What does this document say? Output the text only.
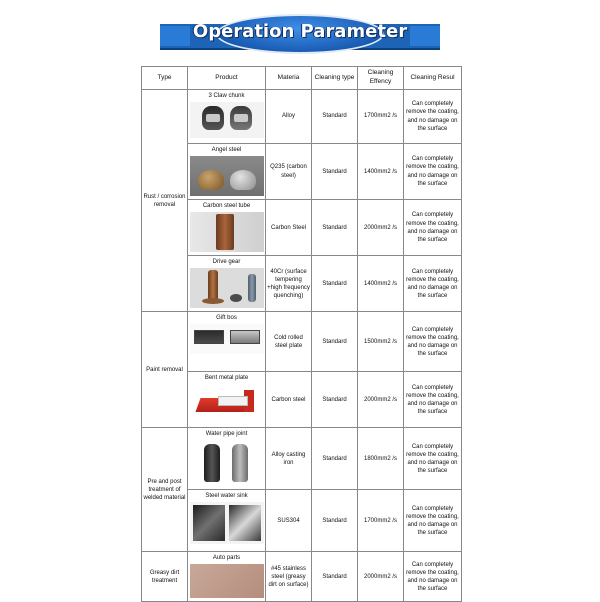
Operation Parameter
Type	Product	Materia	Cleaning type	Cleaning Effency	Cleaning Resul
Rust / corrosion removal	3 Claw chunk	Alloy	Standard	1700mm2 /s	Can completely remove the coating, and no damage on the surface

	Angel steel	Q235 (carbon steel)	Standard	1400mm2 /s	Can completely remove the coating, and no damage on the surface

	Carbon steel tube	Carbon Steel	Standard	2000mm2 /s	Can completely remove the coating, and no damage on the surface

	Drive gear	40Cr (surface tempering +high frequency quenching)	Standard	1400mm2 /s	Can completely remove the coating, and no damage on the surface
Paint removal	Gift bos	Cold rolled steel plate	Standard	1500mm2 /s	Can completely remove the coating, and no damage on the surface

	Bent metal plate	Carbon steel	Standard	2000mm2 /s	Can completely remove the coating, and no damage on the surface
Pre and post treatment of welded material	Water pipe joint	Alloy casting iron	Standard	1800mm2 /s	Can completely remove the coating, and no damage on the surface

	Steel water sink	SUS304	Standard	1700mm2 /s	Can completely remove the coating, and no damage on the surface
Greasy dirt treatment	Auto parts	#45 stainless steel (greasy dirt on surface)	Standard	2000mm2 /s	Can completely remove the coating, and no damage on the surface
